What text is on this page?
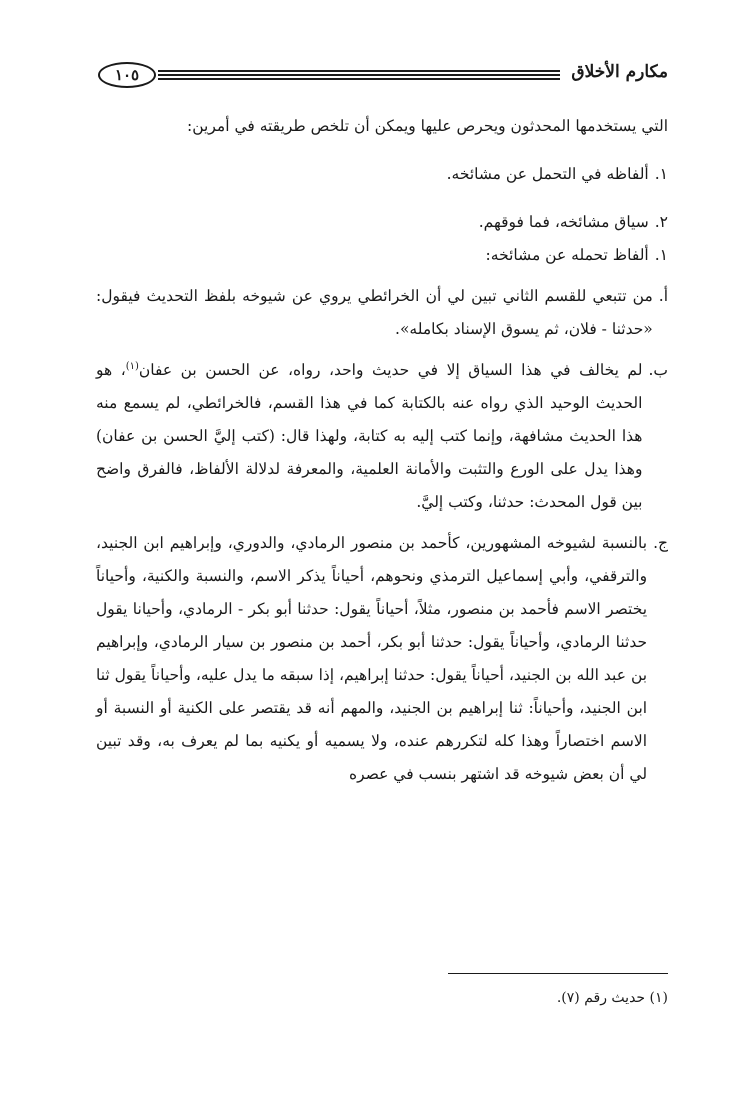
مكارم الأخلاق
١٠٥

التي يستخدمها المحدثون ويحرص عليها ويمكن أن تلخص طريقته في أمرين:

١.
ألفاظه في التحمل عن مشائخه.
٢.
سياق مشائخه، فما فوقهم.
١.
ألفاظ تحمله عن مشائخه:
أ.
من تتبعي للقسم الثاني تبين لي أن الخرائطي يروي عن شيوخه بلفظ التحديث فيقول: «حدثنا - فلان، ثم يسوق الإسناد بكامله».
ب.
لم يخالف في هذا السياق إلا في حديث واحد، رواه، عن الحسن بن عفان$^{(١)}$، هو الحديث الوحيد الذي رواه عنه بالكتابة كما في هذا القسم، فالخرائطي، لم يسمع منه هذا الحديث مشافهة، وإنما كتب إليه به كتابة، ولهذا قال: (كتب إليَّ الحسن بن عفان) وهذا يدل على الورع والتثبت والأمانة العلمية، والمعرفة لدلالة الألفاظ، فالفرق واضح بين قول المحدث: حدثنا، وكتب إليَّ.
ج.
بالنسبة لشيوخه المشهورين، كأحمد بن منصور الرمادي، والدوري، وإبراهيم ابن الجنيد، والترقفي، وأبي إسماعيل الترمذي ونحوهم، أحياناً يذكر الاسم، والنسبة والكنية، وأحياناً يختصر الاسم فأحمد بن منصور، مثلاً، أحياناً يقول: حدثنا أبو بكر - الرمادي، وأحيانا يقول حدثنا الرمادي، وأحياناً يقول: حدثنا أبو بكر، أحمد بن منصور بن سيار الرمادي، وإبراهيم بن عبد الله بن الجنيد، أحياناً يقول: حدثنا إبراهيم، إذا سبقه ما يدل عليه، وأحياناً يقول ثنا ابن الجنيد، وأحياناً: ثنا إبراهيم بن الجنيد، والمهم أنه قد يقتصر على الكنية أو النسبة أو الاسم اختصاراً وهذا كله لتكررهم عنده، ولا يسميه أو يكنيه بما لم يعرف به، وقد تبين لي أن بعض شيوخه قد اشتهر بنسب في عصره
(١) حديث رقم (٧).
